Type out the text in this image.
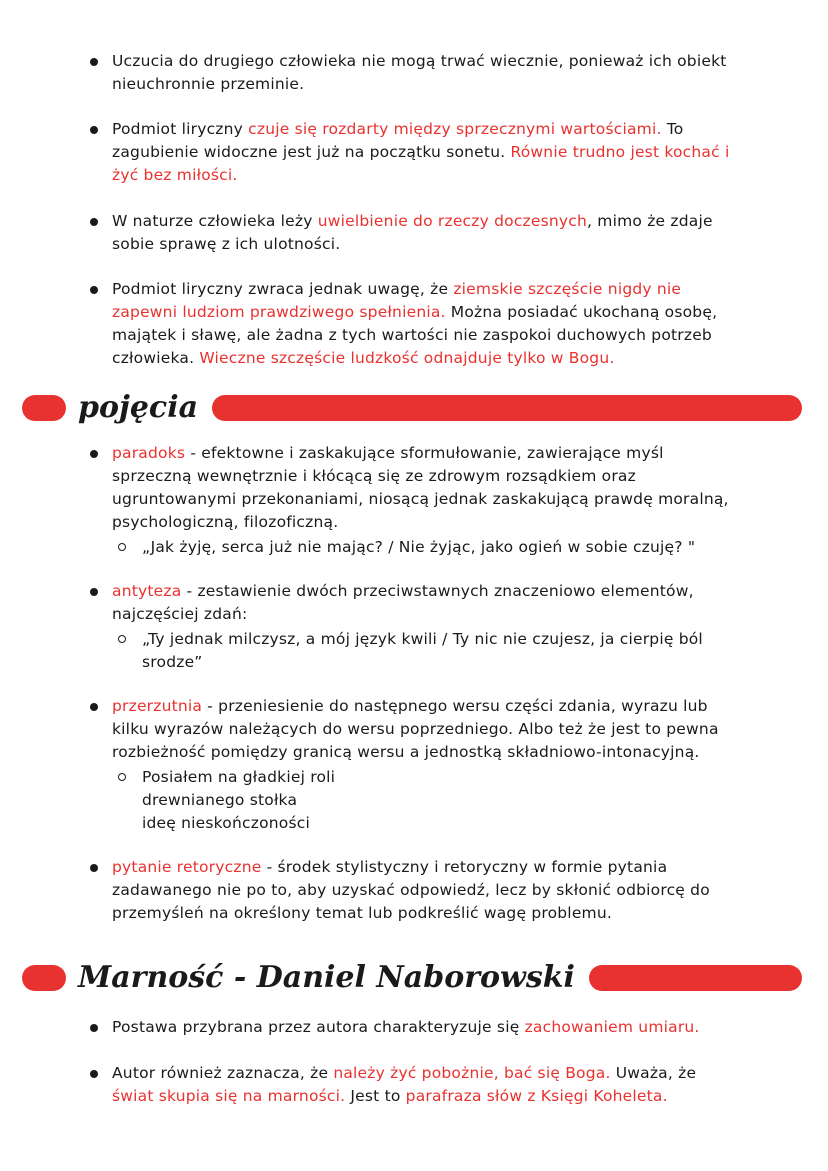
Uczucia do drugiego człowieka nie mogą trwać wiecznie, ponieważ ich obiekt nieuchronnie przeminie.
Podmiot liryczny czuje się rozdarty między sprzecznymi wartościami. To zagubienie widoczne jest już na początku sonetu. Równie trudno jest kochać i żyć bez miłości.
W naturze człowieka leży uwielbienie do rzeczy doczesnych, mimo że zdaje sobie sprawę z ich ulotności.
Podmiot liryczny zwraca jednak uwagę, że ziemskie szczęście nigdy nie zapewni ludziom prawdziwego spełnienia. Można posiadać ukochaną osobę, majątek i sławę, ale żadna z tych wartości nie zaspokoi duchowych potrzeb człowieka. Wieczne szczęście ludzkość odnajduje tylko w Bogu.
pojęcia
paradoks - efektowne i zaskakujące sformułowanie, zawierające myśl sprzeczną wewnętrznie i kłócącą się ze zdrowym rozsądkiem oraz ugruntowanymi przekonaniami, niosącą jednak zaskakującą prawdę moralną, psychologiczną, filozoficzną.
„Jak żyję, serca już nie mając? / Nie żyjąc, jako ogień w sobie czuję? "
antyteza - zestawienie dwóch przeciwstawnych znaczeniowo elementów, najczęściej zdań:
„Ty jednak milczysz, a mój język kwili / Ty nic nie czujesz, ja cierpię ból srodze”
przerzutnia - przeniesienie do następnego wersu części zdania, wyrazu lub kilku wyrazów należących do wersu poprzedniego. Albo też że jest to pewna rozbieżność pomiędzy granicą wersu a jednostką składniowo-intonacyjną.
Posiałem na gładkiej roli
drewnianego stołka
ideę nieskończoności
pytanie retoryczne - środek stylistyczny i retoryczny w formie pytania zadawanego nie po to, aby uzyskać odpowiedź, lecz by skłonić odbiorcę do przemyśleń na określony temat lub podkreślić wagę problemu.
Marność - Daniel Naborowski
Postawa przybrana przez autora charakteryzuje się zachowaniem umiaru.
Autor również zaznacza, że należy żyć pobożnie, bać się Boga. Uważa, że świat skupia się na marności. Jest to parafraza słów z Księgi Koheleta.
